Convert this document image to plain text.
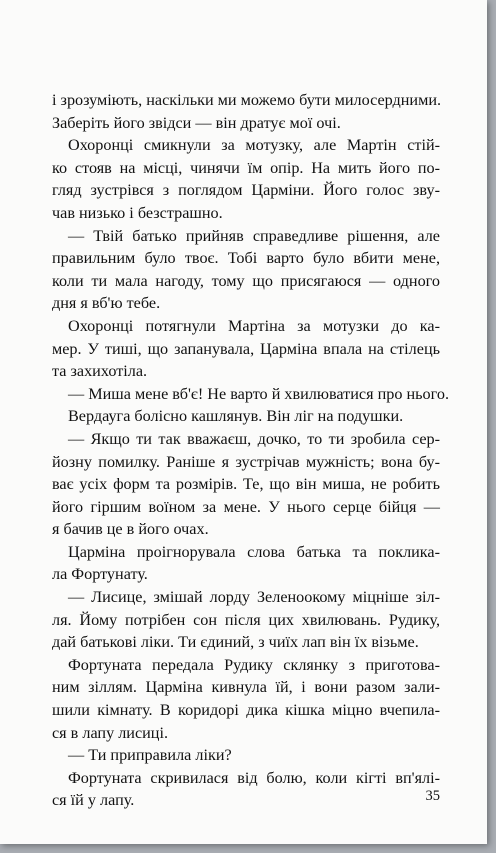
і зрозуміють, наскільки ми можемо бути милосердними.
Заберіть його звідси — він дратує мої очі.
Охоронці смикнули за мотузку, але Мартін стій-
ко стояв на місці, чинячи їм опір. На мить його по-
гляд зустрівся з поглядом Царміни. Його голос зву-
чав низько і безстрашно.
— Твій батько прийняв справедливе рішення, але
правильним було твоє. Тобі варто було вбити мене,
коли ти мала нагоду, тому що присягаюся — одного
дня я вб'ю тебе.
Охоронці потягнули Мартіна за мотузки до ка-
мер. У тиші, що запанувала, Царміна впала на стілець
та захихотіла.
— Миша мене вб'є! Не варто й хвилюватися про нього.
Вердауга болісно кашлянув. Він ліг на подушки.
— Якщо ти так вважаєш, дочко, то ти зробила сер-
йозну помилку. Раніше я зустрічав мужність; вона бу-
ває усіх форм та розмірів. Те, що він миша, не робить
його гіршим воїном за мене. У нього серце бійця —
я бачив це в його очах.
Царміна проігнорувала слова батька та поклика-
ла Фортунату.
— Лисице, змішай лорду Зеленоокому міцніше зіл-
ля. Йому потрібен сон після цих хвилювань. Рудику,
дай батькові ліки. Ти єдиний, з чиїх лап він їх візьме.
Фортуната передала Рудику склянку з приготова-
ним зіллям. Царміна кивнула їй, і вони разом зали-
шили кімнату. В коридорі дика кішка міцно вчепила-
ся в лапу лисиці.
— Ти приправила ліки?
Фортуната скривилася від болю, коли кігті вп'ялі-
ся їй у лапу.	35
